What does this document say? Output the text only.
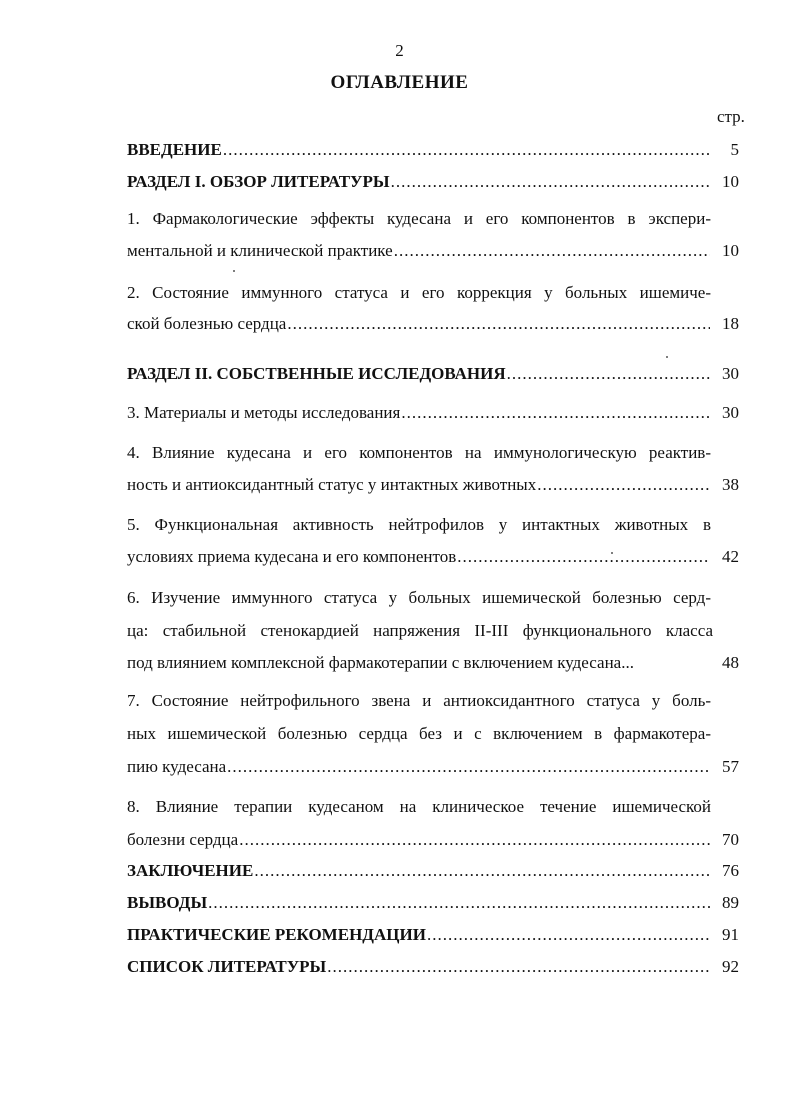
2
ОГЛАВЛЕНИЕ
стр.
ВВЕДЕНИЕ .....	5
РАЗДЕЛ I. ОБЗОР ЛИТЕРАТУРЫ .....	10
1. Фармакологические эффекты кудесана и его компонентов в экспери-
ментальной и клинической практике .....	10
2. Состояние иммунного статуса и его коррекция у больных ишемиче-
ской болезнью сердца .....	18
РАЗДЕЛ II. СОБСТВЕННЫЕ ИССЛЕДОВАНИЯ .....	30
3. Материалы и методы исследования .....	30
4. Влияние кудесана и его компонентов на иммунологическую реактив-
ность и антиоксидантный статус у интактных животных .....	38
5. Функциональная активность нейтрофилов у интактных животных в
условиях приема кудесана и его компонентов .....	42
6. Изучение иммунного статуса у больных ишемической болезнью серд-
ца: стабильной стенокардией напряжения II-III функционального класса
под влиянием комплексной фармакотерапии с включением кудесана...	48
7. Состояние нейтрофильного звена и антиоксидантного статуса у боль-
ных ишемической болезнью сердца без и с включением в фармакотера-
пию кудесана .....	57
8. Влияние терапии кудесаном на клиническое течение ишемической
болезни сердца .....	70
ЗАКЛЮЧЕНИЕ .....	76
ВЫВОДЫ .....	89
ПРАКТИЧЕСКИЕ РЕКОМЕНДАЦИИ .....	91
СПИСОК ЛИТЕРАТУРЫ .....	92
